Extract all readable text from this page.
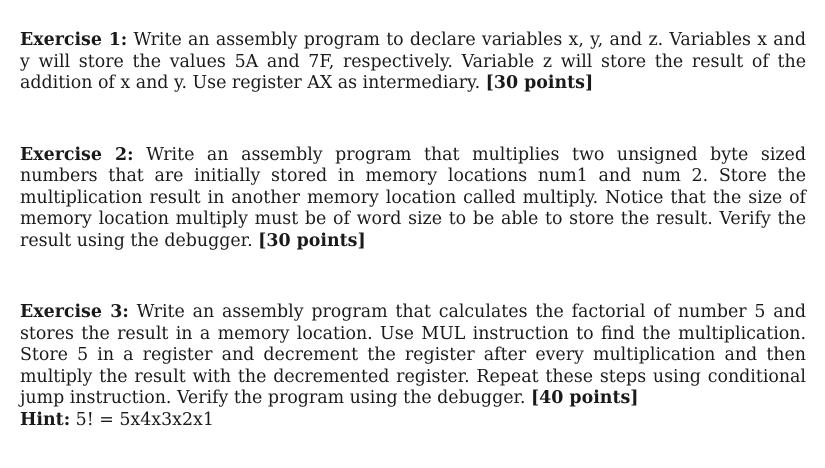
Exercise 1: Write an assembly program to declare variables x, y, and z. Variables x and y will store the values 5A and 7F, respectively. Variable z will store the result of the addition of x and y. Use register AX as intermediary. [30 points]

Exercise 2: Write an assembly program that multiplies two unsigned byte sized numbers that are initially stored in memory locations num1 and num 2. Store the multiplication result in another memory location called multiply. Notice that the size of memory location multiply must be of word size to be able to store the result. Verify the result using the debugger. [30 points]

Exercise 3: Write an assembly program that calculates the factorial of number 5 and stores the result in a memory location. Use MUL instruction to find the multiplication. Store 5 in a register and decrement the register after every multiplication and then multiply the result with the decremented register. Repeat these steps using conditional jump instruction. Verify the program using the debugger. [40 points]

Hint: 5! = 5x4x3x2x1
